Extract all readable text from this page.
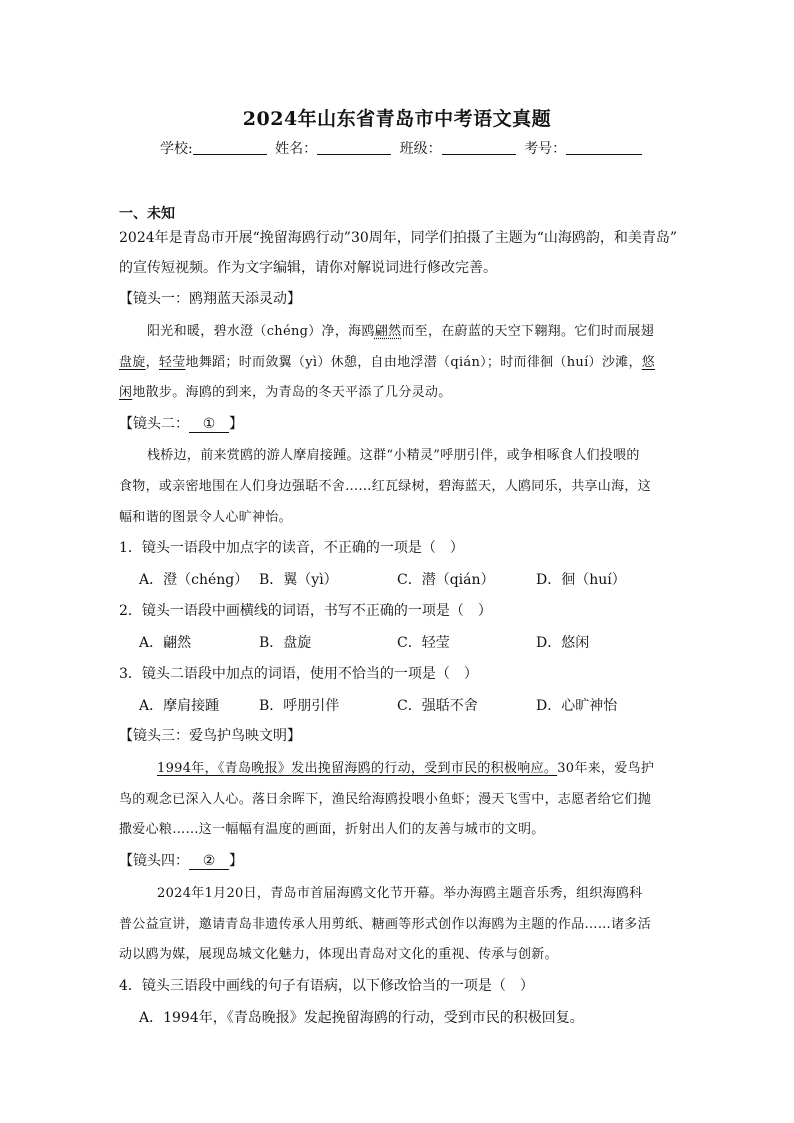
2024年山东省青岛市中考语文真题
学校:	姓名：	班级：	考号：
一、未知
2024年是青岛市开展“挽留海鸥行动”30周年，同学们拍摄了主题为“山海鸥韵，和美青岛”
的宣传短视频。作为文字编辑，请你对解说词进行修改完善。
【镜头一：鸥翔蓝天添灵动】
阳光和暖，碧水澄（chéng）净，海鸥翩然而至，在蔚蓝的天空下翱翔。它们时而展翅
盘旋，轻莹地舞蹈；时而敛翼（yì）休憩，自由地浮潜（qián）；时而徘徊（huí）沙滩，悠
闲地散步。海鸥的到来，为青岛的冬天平添了几分灵动。
【镜头二： ① 】
栈桥边，前来赏鸥的游人摩肩接踵。这群“小精灵”呼朋引伴，或争相啄食人们投喂的
食物，或亲密地围在人们身边强聒不舍……红瓦绿树，碧海蓝天，人鸥同乐，共享山海，这
幅和谐的图景令人心旷神怡。
1．镜头一语段中加点字的读音，不正确的一项是（　）
A．澄（chéng） B．翼（yì）	C．潜（qián）	D．徊（huí）
2．镜头一语段中画横线的词语，书写不正确的一项是（　）
A．翩然	B．盘旋	C．轻莹	D．悠闲
3．镜头二语段中加点的词语，使用不恰当的一项是（　）
A．摩肩接踵	B．呼朋引伴	C．强聒不舍	D．心旷神怡
【镜头三：爱鸟护鸟映文明】
1994年，《青岛晚报》发出挽留海鸥的行动，受到市民的积极响应。30年来，爱鸟护
鸟的观念已深入人心。落日余晖下，渔民给海鸥投喂小鱼虾；漫天飞雪中，志愿者给它们抛
撒爱心粮……这一幅幅有温度的画面，折射出人们的友善与城市的文明。
【镜头四： ② 】
2024年1月20日，青岛市首届海鸥文化节开幕。举办海鸥主题音乐秀，组织海鸥科
普公益宣讲，邀请青岛非遗传承人用剪纸、糖画等形式创作以海鸥为主题的作品……诸多活
动以鸥为媒，展现岛城文化魅力，体现出青岛对文化的重视、传承与创新。
4．镜头三语段中画线的句子有语病，以下修改恰当的一项是（　）
A．1994年，《青岛晚报》发起挽留海鸥的行动，受到市民的积极回复。
